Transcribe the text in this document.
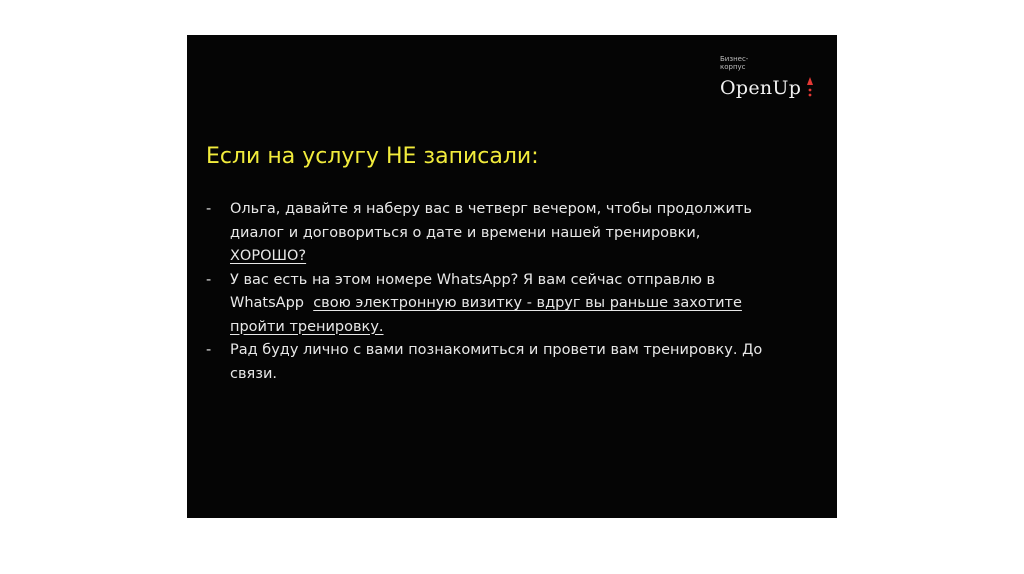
Бизнес-
корпус
OpenUp
Если на услугу НЕ записали:
- Ольга, давайте я наберу вас в четверг вечером, чтобы продолжить
диалог и договориться о дате и времени нашей тренировки,
ХОРОШО?
- У вас есть на этом номере WhatsApp? Я вам сейчас отправлю в
WhatsApp  свою электронную визитку - вдруг вы раньше захотите
пройти тренировку.
- Рад буду лично с вами познакомиться и провети вам тренировку. До
связи.
